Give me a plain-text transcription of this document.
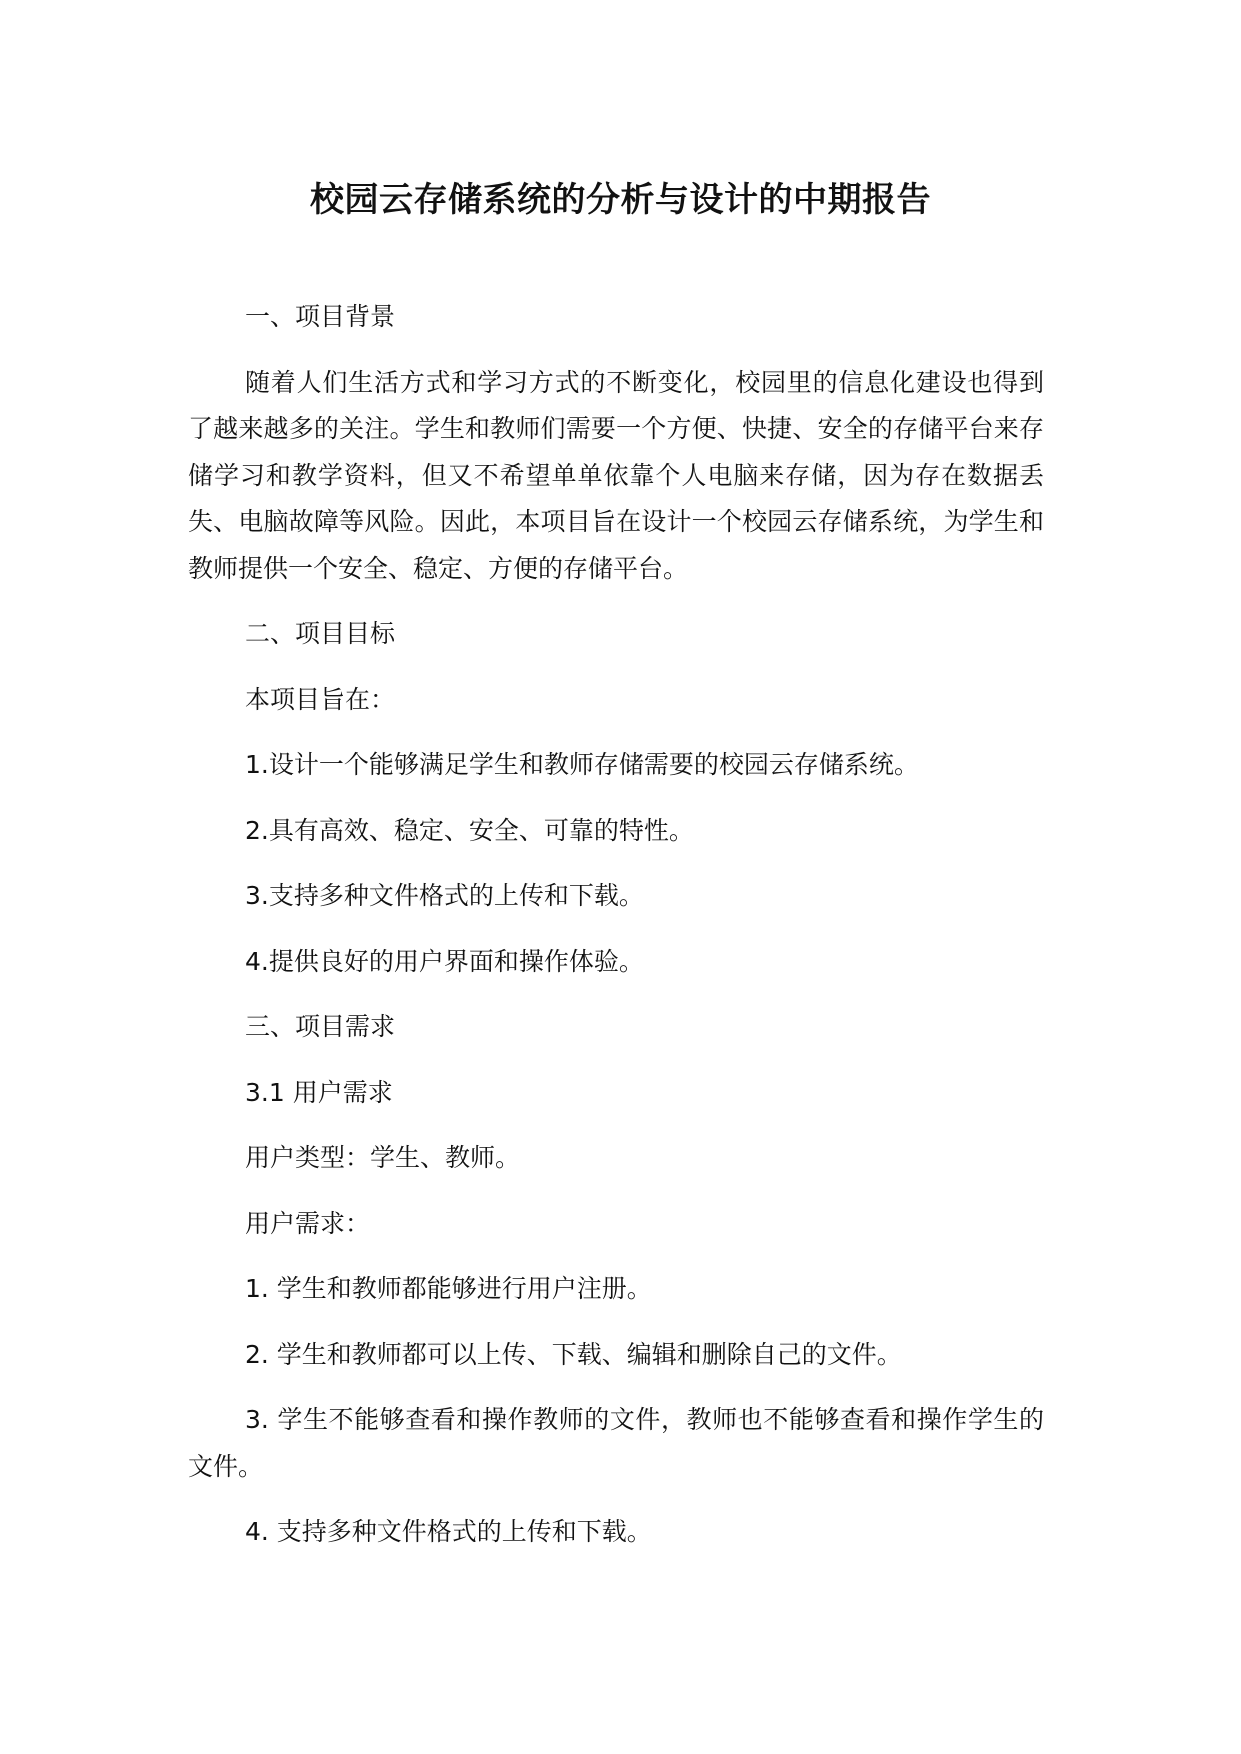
校园云存储系统的分析与设计的中期报告

一、项目背景

随着人们生活方式和学习方式的不断变化，校园里的信息化建设也得到了越来越多的关注。学生和教师们需要一个方便、快捷、安全的存储平台来存储学习和教学资料，但又不希望单单依靠个人电脑来存储，因为存在数据丢失、电脑故障等风险。因此，本项目旨在设计一个校园云存储系统，为学生和教师提供一个安全、稳定、方便的存储平台。

二、项目目标

本项目旨在：

1.设计一个能够满足学生和教师存储需要的校园云存储系统。

2.具有高效、稳定、安全、可靠的特性。

3.支持多种文件格式的上传和下载。

4.提供良好的用户界面和操作体验。

三、项目需求

3.1 用户需求

用户类型：学生、教师。

用户需求：

1. 学生和教师都能够进行用户注册。

2. 学生和教师都可以上传、下载、编辑和删除自己的文件。

3. 学生不能够查看和操作教师的文件，教师也不能够查看和操作学生的文件。

4. 支持多种文件格式的上传和下载。
